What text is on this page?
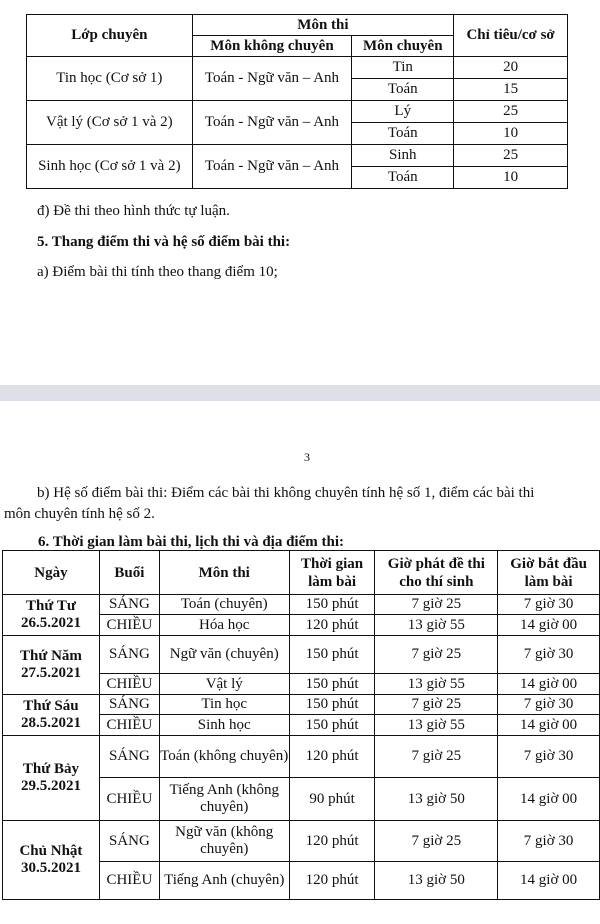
Lớp chuyên	Môn thi		Chỉ tiêu/cơ sở
	Môn không chuyên	Môn chuyên	
Tin học (Cơ sở 1)	Toán - Ngữ văn – Anh	Tin	20
		Toán	15
Vật lý (Cơ sở 1 và 2)	Toán - Ngữ văn – Anh	Lý	25
		Toán	10
Sinh học (Cơ sở 1 và 2)	Toán - Ngữ văn – Anh	Sinh	25
		Toán	10
đ) Đề thi theo hình thức tự luận.
5. Thang điểm thi và hệ số điểm bài thi:
a) Điểm bài thi tính theo thang điểm 10;
3
b) Hệ số điểm bài thi: Điểm các bài thi không chuyên tính hệ số 1, điểm các bài thi
môn chuyên tính hệ số 2.
6. Thời gian làm bài thi, lịch thi và địa điểm thi:
Ngày	Buổi	Môn thi	Thời gian làm bài	Giờ phát đề thi cho thí sinh	Giờ bắt đầu làm bài

Thứ Tư
26.5.2021	SÁNG	Toán (chuyên)	150 phút	7 giờ 25	7 giờ 30
	CHIỀU	Hóa học	120 phút	13 giờ 55	14 giờ 00

Thứ Năm
27.5.2021	SÁNG	Ngữ văn (chuyên)	150 phút	7 giờ 25	7 giờ 30
	CHIỀU	Vật lý	150 phút	13 giờ 55	14 giờ 00

Thứ Sáu
28.5.2021	SÁNG	Tin học	150 phút	7 giờ 25	7 giờ 30
	CHIỀU	Sinh học	150 phút	13 giờ 55	14 giờ 00

Thứ Bảy
29.5.2021	SÁNG	Toán (không chuyên)	120 phút	7 giờ 25	7 giờ 30
	CHIỀU	Tiếng Anh (không chuyên)	90 phút	13 giờ 50	14 giờ 00

Chủ Nhật
30.5.2021	SÁNG	Ngữ văn (không chuyên)	120 phút	7 giờ 25	7 giờ 30
	CHIỀU	Tiếng Anh (chuyên)	120 phút	13 giờ 50	14 giờ 00
